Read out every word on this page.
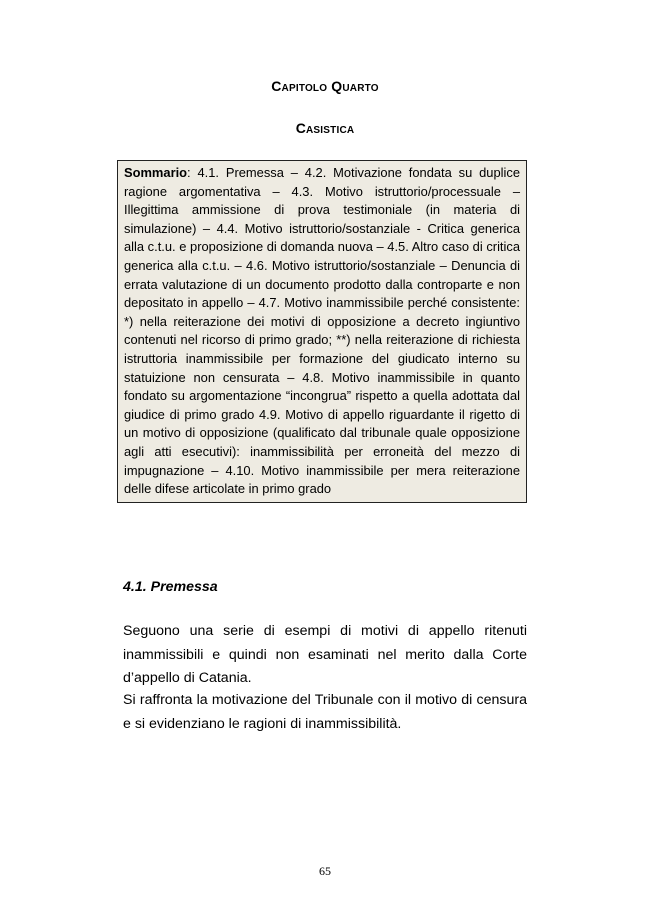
Capitolo Quarto
Casistica
Sommario: 4.1. Premessa – 4.2. Motivazione fondata su duplice ragione argomentativa – 4.3. Motivo istruttorio/processuale – Illegittima ammissione di prova testimoniale (in materia di simulazione) – 4.4. Motivo istruttorio/sostanziale - Critica generica alla c.t.u. e proposizione di domanda nuova – 4.5. Altro caso di critica generica alla c.t.u. – 4.6. Motivo istruttorio/sostanziale – Denuncia di errata valutazione di un documento prodotto dalla controparte e non depositato in appello – 4.7. Motivo inammissibile perché consistente: *) nella reiterazione dei motivi di opposizione a decreto ingiuntivo contenuti nel ricorso di primo grado; **) nella reiterazione di richiesta istruttoria inammissibile per formazione del giudicato interno su statuizione non censurata – 4.8. Motivo inammissibile in quanto fondato su argomentazione “incongrua” rispetto a quella adottata dal giudice di primo grado 4.9. Motivo di appello riguardante il rigetto di un motivo di opposizione (qualificato dal tribunale quale opposizione agli atti esecutivi): inammissibilità per erroneità del mezzo di impugnazione – 4.10. Motivo inammissibile per mera reiterazione delle difese articolate in primo grado
4.1. Premessa

Seguono una serie di esempi di motivi di appello ritenuti inammissibili e quindi non esaminati nel merito dalla Corte d’appello di Catania.

Si raffronta la motivazione del Tribunale con il motivo di censura e si evidenziano le ragioni di inammissibilità.

65
